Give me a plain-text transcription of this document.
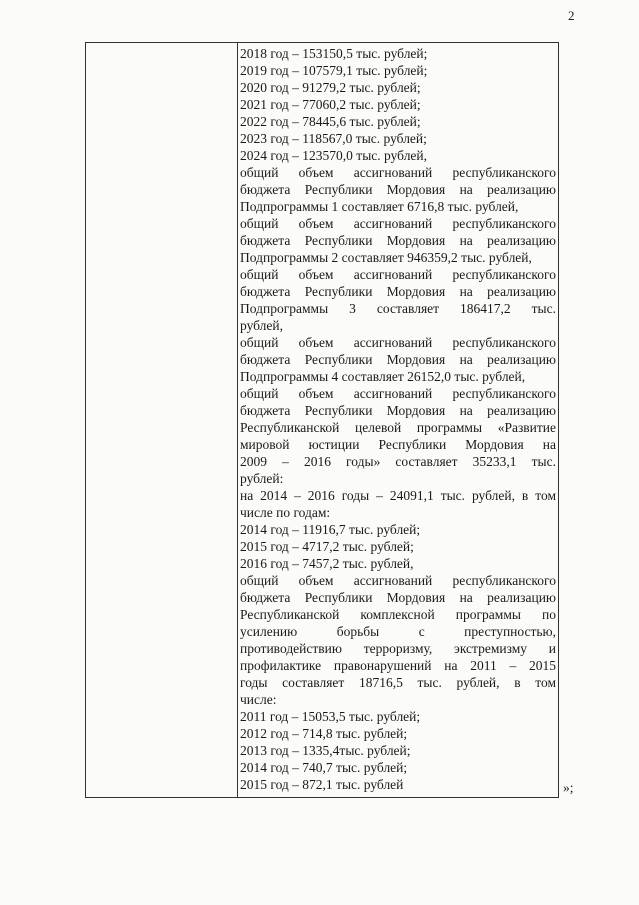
2
2018 год – 153150,5 тыс. рублей;
2019 год – 107579,1 тыс. рублей;
2020 год – 91279,2 тыс. рублей;
2021 год – 77060,2 тыс. рублей;
2022 год – 78445,6 тыс. рублей;
2023 год – 118567,0 тыс. рублей;
2024 год – 123570,0 тыс. рублей,
общий объем ассигнований республиканского
бюджета Республики Мордовия на реализацию
Подпрограммы 1 составляет 6716,8 тыс. рублей,
общий объем ассигнований республиканского
бюджета Республики Мордовия на реализацию
Подпрограммы 2 составляет 946359,2 тыс. рублей,
общий объем ассигнований республиканского
бюджета Республики Мордовия на реализацию
Подпрограммы 3 составляет 186417,2 тыс.
рублей,
общий объем ассигнований республиканского
бюджета Республики Мордовия на реализацию
Подпрограммы 4 составляет 26152,0 тыс. рублей,
общий объем ассигнований республиканского
бюджета Республики Мордовия на реализацию
Республиканской целевой программы «Развитие
мировой юстиции Республики Мордовия на
2009 – 2016 годы» составляет 35233,1 тыс.
рублей:
на 2014 – 2016 годы – 24091,1 тыс. рублей, в том
числе по годам:
2014 год – 11916,7 тыс. рублей;
2015 год – 4717,2 тыс. рублей;
2016 год – 7457,2 тыс. рублей,
общий объем ассигнований республиканского
бюджета Республики Мордовия на реализацию
Республиканской комплексной программы по
усилению борьбы с преступностью,
противодействию терроризму, экстремизму и
профилактике правонарушений на 2011 – 2015
годы составляет 18716,5 тыс. рублей, в том
числе:
2011 год – 15053,5 тыс. рублей;
2012 год – 714,8 тыс. рублей;
2013 год – 1335,4тыс. рублей;
2014 год – 740,7 тыс. рублей;
2015 год – 872,1 тыс. рублей	»;
